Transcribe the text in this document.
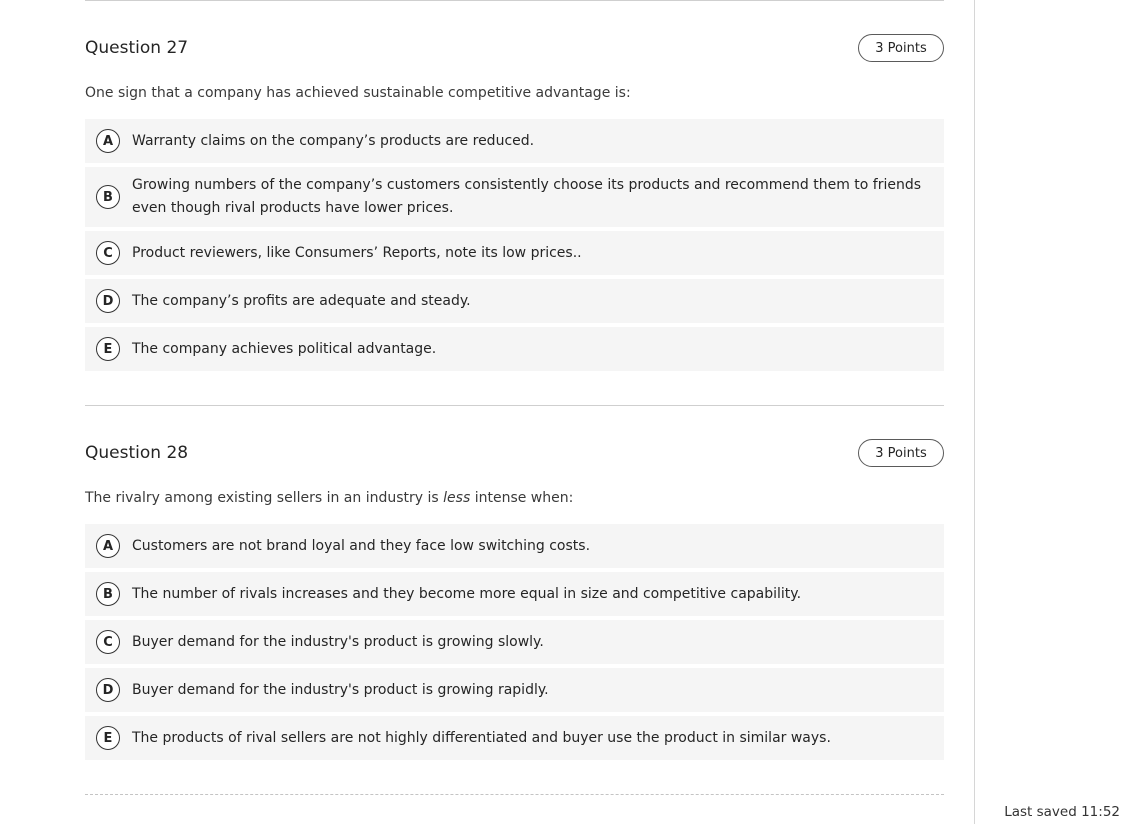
Question 27	3 Points

One sign that a company has achieved sustainable competitive advantage is:

A	Warranty claims on the company’s products are reduced.
B
Growing numbers of the company’s customers consistently choose its products and recommend them to friends even though rival products have lower prices.
C	Product reviewers, like Consumers’ Reports, note its low prices..
D	The company’s profits are adequate and steady.
E	The company achieves political advantage.
Question 28	3 Points

The rivalry among existing sellers in an industry is less intense when:

A	Customers are not brand loyal and they face low switching costs.
B	The number of rivals increases and they become more equal in size and competitive capability.
C	Buyer demand for the industry's product is growing slowly.
D	Buyer demand for the industry's product is growing rapidly.
E	The products of rival sellers are not highly differentiated and buyer use the product in similar ways.
Last saved 11:52
